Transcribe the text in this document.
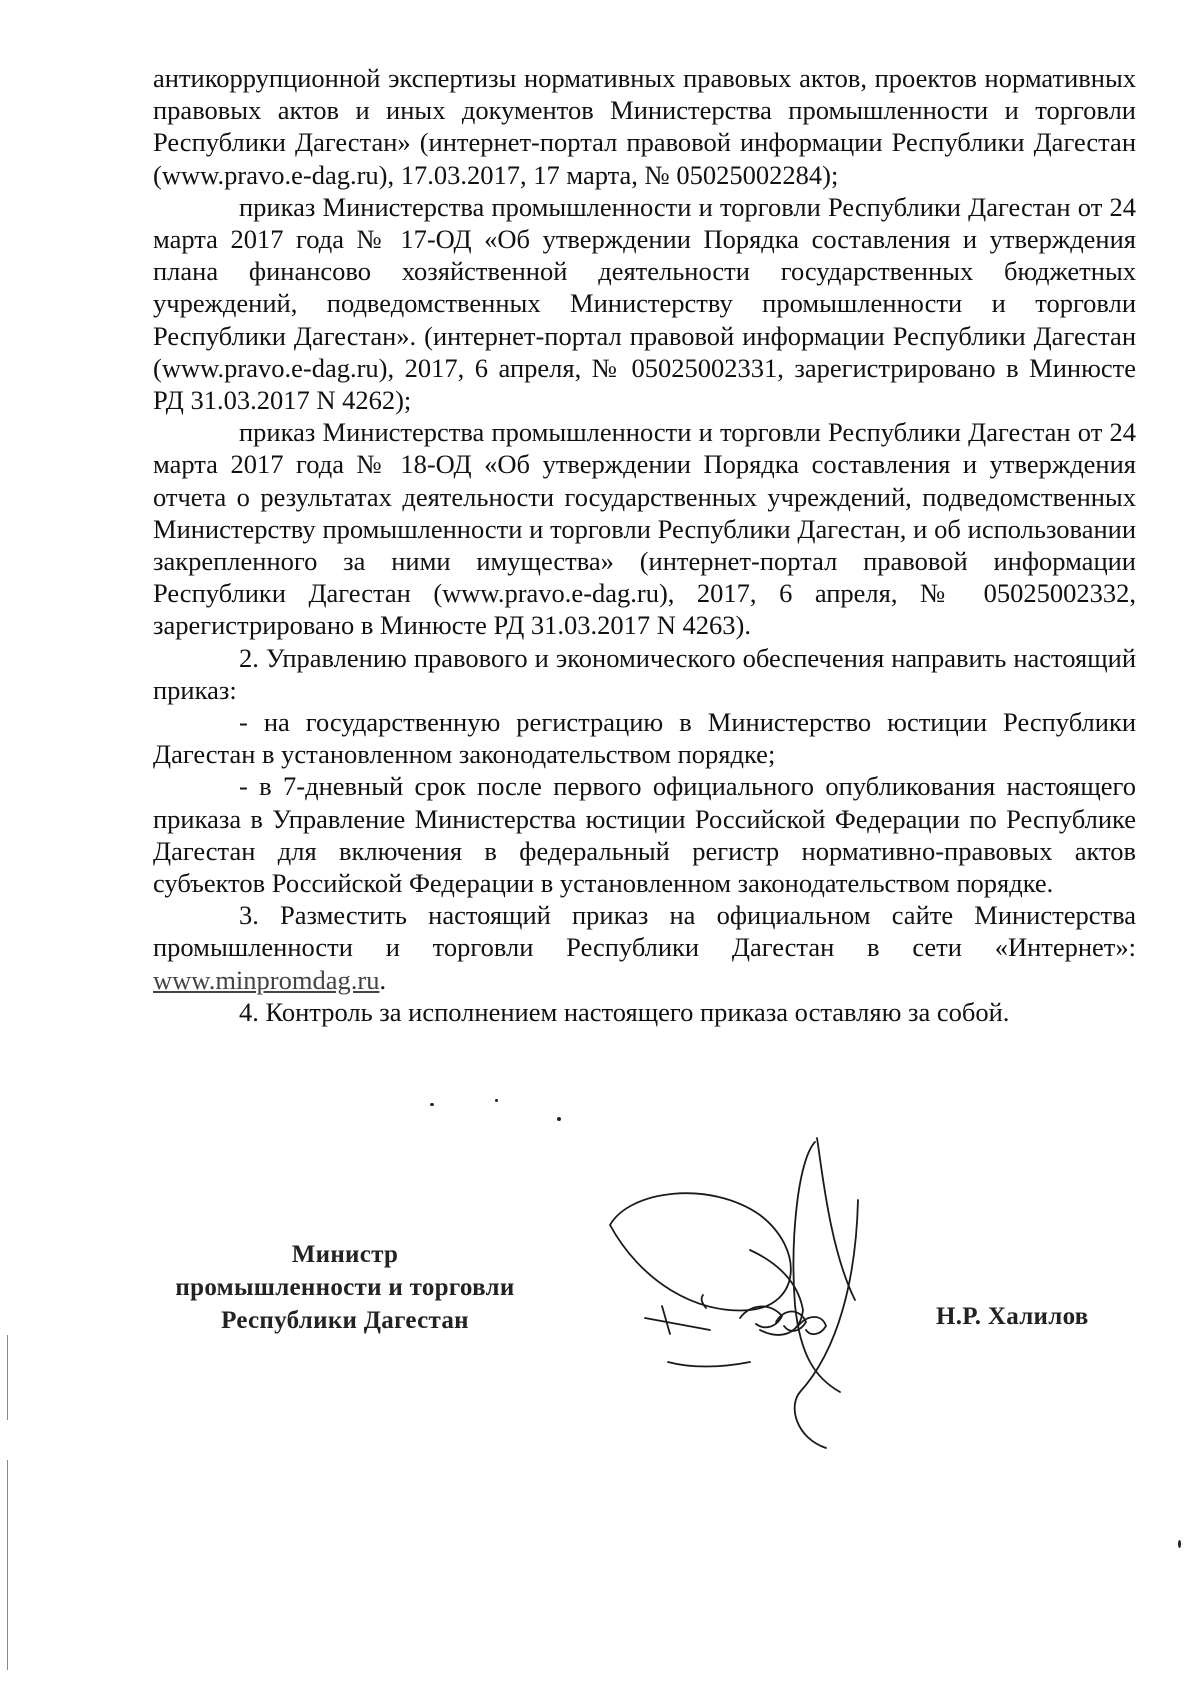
антикоррупционной экспертизы нормативных правовых актов, проектов нормативных правовых актов и иных документов Министерства промышленности и торговли Республики Дагестан» (интернет-портал правовой информации Республики Дагестан (www.pravo.e-dag.ru), 17.03.2017, 17 марта, № 05025002284);

приказ Министерства промышленности и торговли Республики Дагестан от 24 марта 2017 года № 17-ОД «Об утверждении Порядка составления и утверждения плана финансово хозяйственной деятельности государственных бюджетных учреждений, подведомственных Министерству промышленности и торговли Республики Дагестан». (интернет-портал правовой информации Республики Дагестан (www.pravo.e-dag.ru), 2017, 6 апреля, № 05025002331, зарегистрировано в Минюсте РД 31.03.2017 N 4262);

приказ Министерства промышленности и торговли Республики Дагестан от 24 марта 2017 года № 18-ОД «Об утверждении Порядка составления и утверждения отчета о результатах деятельности государственных учреждений, подведомственных Министерству промышленности и торговли Республики Дагестан, и об использовании закрепленного за ними имущества» (интернет-портал правовой информации Республики Дагестан (www.pravo.e-dag.ru), 2017, 6 апреля, № 05025002332, зарегистрировано в Минюсте РД 31.03.2017 N 4263).

2. Управлению правового и экономического обеспечения направить настоящий приказ:

- на государственную регистрацию в Министерство юстиции Республики Дагестан в установленном законодательством порядке;

- в 7-дневный срок после первого официального опубликования настоящего приказа в Управление Министерства юстиции Российской Федерации по Республике Дагестан для включения в федеральный регистр нормативно-правовых актов субъектов Российской Федерации в установленном законодательством порядке.

3. Разместить настоящий приказ на официальном сайте Министерства промышленности и торговли Республики Дагестан в сети «Интернет»: www.minpromdag.ru.

4. Контроль за исполнением настоящего приказа оставляю за собой.

Министр
промышленности и торговли
Республики Дагестан	Н.Р. Халилов
